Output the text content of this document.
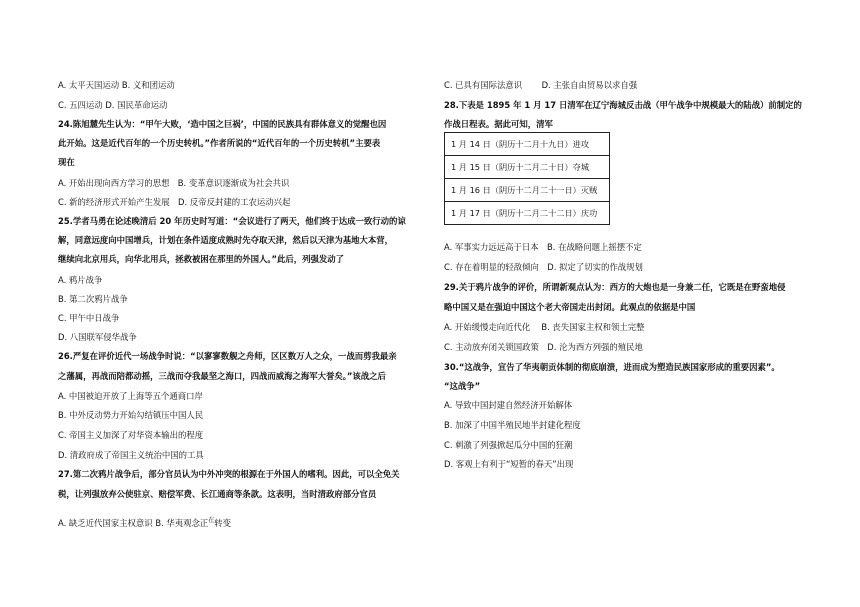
A. 太平天国运动 B. 义和团运动
C. 五四运动 D. 国民革命运动
24.陈旭麓先生认为：“甲午大败，‘造中国之巨祸’，中国的民族具有群体意义的觉醒也因
此开始。这是近代百年的一个历史转机。”作者所说的“近代百年的一个历史转机”主要表
现在
A. 开始出现向西方学习的思想　B. 变革意识逐渐成为社会共识
C. 新的经济形式开始产生发展　D. 反帝反封建的工农运动兴起
25.学者马勇在论述晚清后 20 年历史时写道：“会议进行了两天，他们终于达成一致行动的谅
解，同意远度向中国增兵，计划在条件适度成熟时先夺取天津，然后以天津为基地大本营，
继续向北京用兵，向华北用兵，拯救被困在那里的外国人。”此后，列强发动了
A. 鸦片战争
B. 第二次鸦片战争
C. 甲午中日战争
D. 八国联军侵华战争
26.严复在评价近代一场战争时说：“以寥寥数舰之舟师，区区数万人之众，一战而剪我最亲
之藩属，再战而陪都动摇，三战而夺我最坚之海口，四战而威海之海军大誉矣。”该战之后
A. 中国被迫开放了上海等五个通商口岸
B. 中外反动势力开始勾结镇压中国人民
C. 帝国主义加深了对华资本输出的程度
D. 清政府成了帝国主义统治中国的工具
27.第二次鸦片战争后，部分官员认为中外冲突的根源在于外国人的嗜利。因此，可以全免关
税，让列强放弃公使驻京、赔偿军费、长江通商等条款。这表明，当时清政府部分官员
A. 缺乏近代国家主权意识 B. 华夷观念正$^在$转变
C. 已具有国际法意识　　 D. 主张自由贸易以求自强
28.下表是 1895 年 1 月 17 日清军在辽宁海城反击战（甲午战争中规模最大的陆战）前制定的
作战日程表。据此可知，清军
1 月 14 日（阴历十二月十九日）进攻
1 月 15 日（阴历十二月二十日）夺城
1 月 16 日（阴历十二月二十一日）灭贼
1 月 17 日（阴历十二月二十二日）庆功
A. 军事实力远远高于日本　B. 在战略问题上摇摆不定
C. 存在着明显的轻敌倾向　D. 拟定了切实的作战规划
29.关于鸦片战争的评价，所谓新观点认为：西方的大炮也是一身兼二任，它既是在野蛮地侵
略中国又是在强迫中国这个老大帝国走出封闭。此观点的依据是中国
A. 开始缓慢走向近代化　 B. 丧失国家主权和领土完整
C. 主动放弃闭关锁国政策　D. 沦为西方列强的殖民地
30.“这战争，宣告了华夷朝贡体制的彻底崩溃，进而成为塑造民族国家形成的重要因素”。
“这战争”
A. 导致中国封建自然经济开始解体
B. 加深了中国半殖民地半封建化程度
C. 刺激了列强掀起瓜分中国的狂潮
D. 客观上有利于“短暂的春天”出现
